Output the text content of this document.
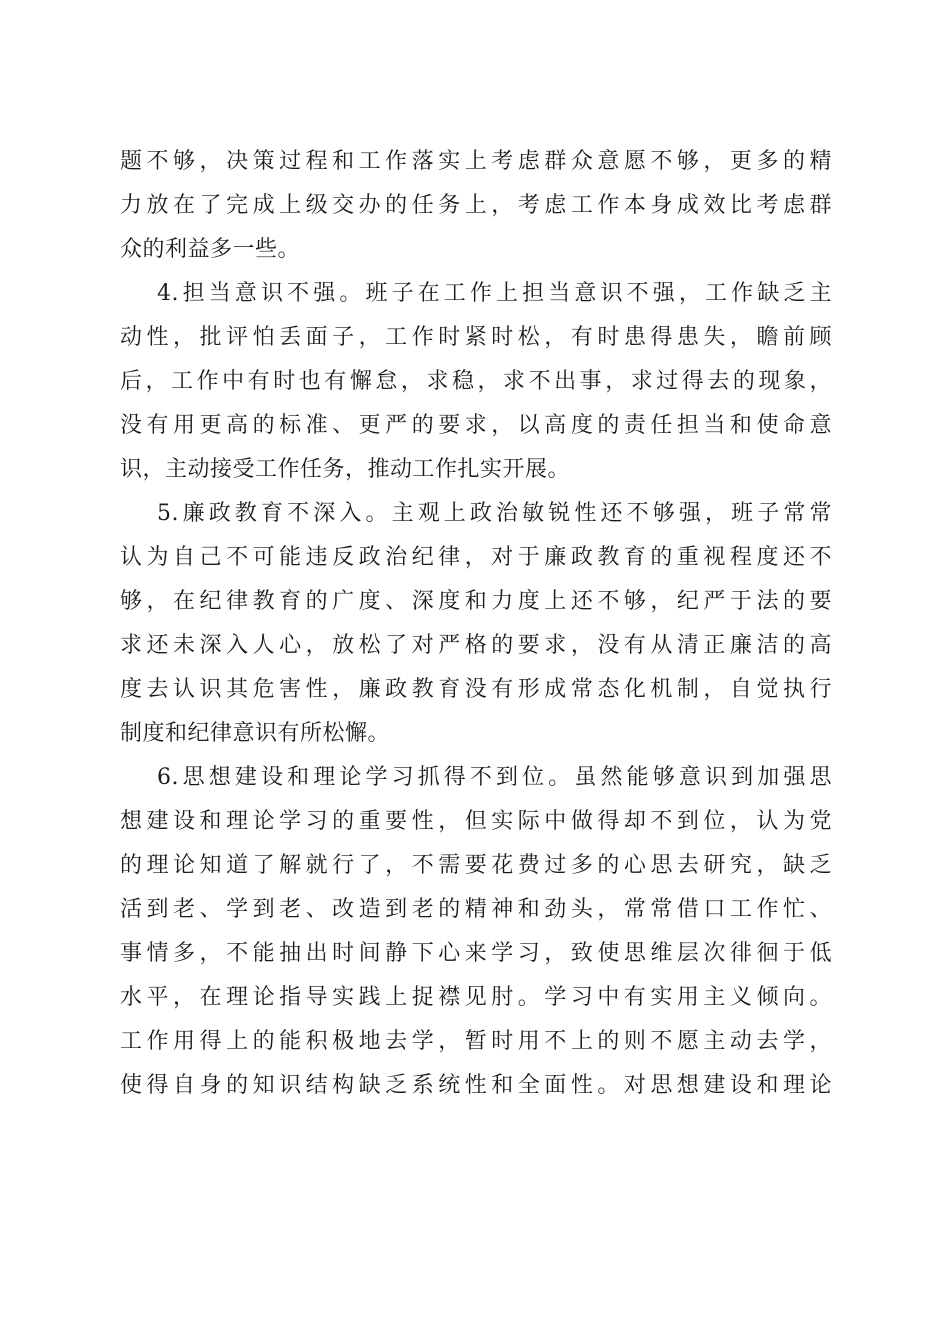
题不够，决策过程和工作落实上考虑群众意愿不够，更多的精
力放在了完成上级交办的任务上，考虑工作本身成效比考虑群
众的利益多一些。
4.担当意识不强。班子在工作上担当意识不强，工作缺乏主
动性，批评怕丢面子，工作时紧时松，有时患得患失，瞻前顾
后，工作中有时也有懈怠，求稳，求不出事，求过得去的现象，
没有用更高的标准、更严的要求，以高度的责任担当和使命意
识，主动接受工作任务，推动工作扎实开展。
5.廉政教育不深入。主观上政治敏锐性还不够强，班子常常
认为自己不可能违反政治纪律，对于廉政教育的重视程度还不
够，在纪律教育的广度、深度和力度上还不够，纪严于法的要
求还未深入人心，放松了对严格的要求，没有从清正廉洁的高
度去认识其危害性，廉政教育没有形成常态化机制，自觉执行
制度和纪律意识有所松懈。
6.思想建设和理论学习抓得不到位。虽然能够意识到加强思
想建设和理论学习的重要性，但实际中做得却不到位，认为党
的理论知道了解就行了，不需要花费过多的心思去研究，缺乏
活到老、学到老、改造到老的精神和劲头，常常借口工作忙、
事情多，不能抽出时间静下心来学习，致使思维层次徘徊于低
水平，在理论指导实践上捉襟见肘。学习中有实用主义倾向。
工作用得上的能积极地去学，暂时用不上的则不愿主动去学，
使得自身的知识结构缺乏系统性和全面性。对思想建设和理论
